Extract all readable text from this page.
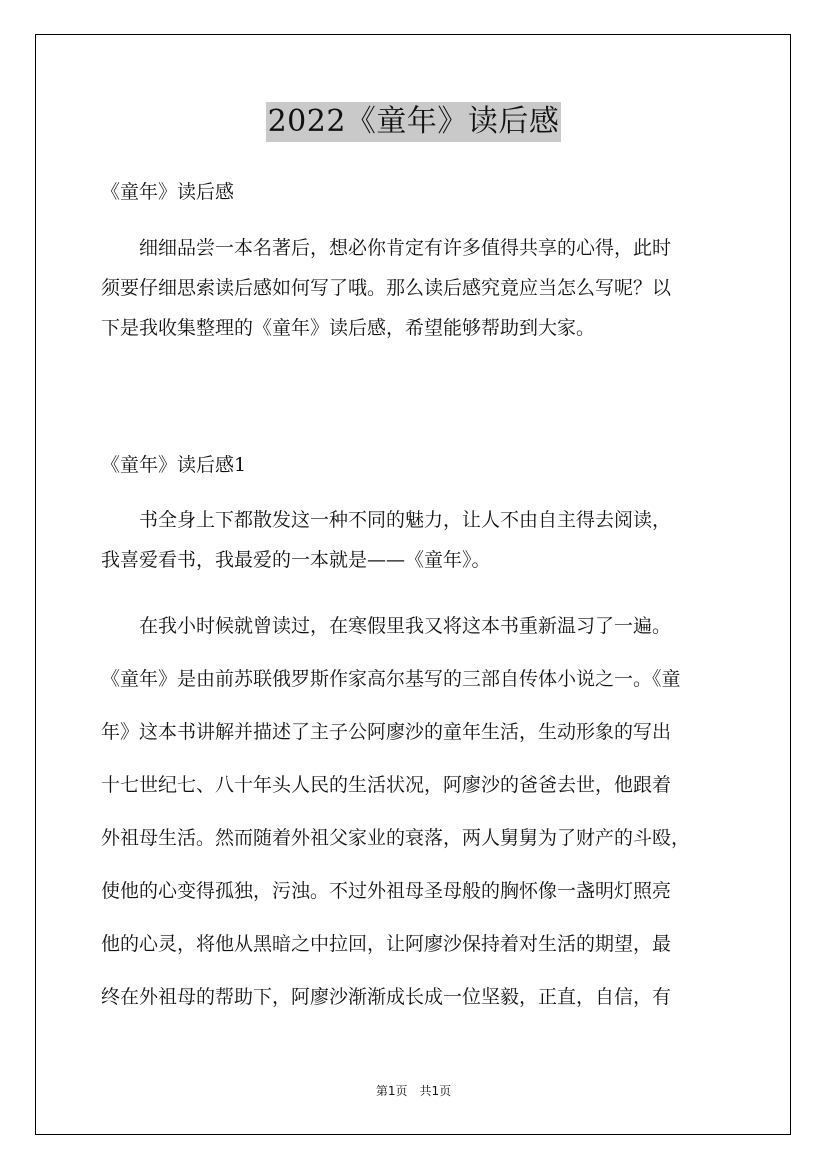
2022《童年》读后感
《童年》读后感
　　细细品尝一本名著后，想必你肯定有许多值得共享的心得，此时
须要仔细思索读后感如何写了哦。那么读后感究竟应当怎么写呢？以
下是我收集整理的《童年》读后感，希望能够帮助到大家。
《童年》读后感1
　　书全身上下都散发这一种不同的魅力，让人不由自主得去阅读，
我喜爱看书，我最爱的一本就是——《童年》。
　　在我小时候就曾读过，在寒假里我又将这本书重新温习了一遍。
《童年》是由前苏联俄罗斯作家高尔基写的三部自传体小说之一。《童
年》这本书讲解并描述了主子公阿廖沙的童年生活，生动形象的写出
十七世纪七、八十年头人民的生活状况，阿廖沙的爸爸去世，他跟着
外祖母生活。然而随着外祖父家业的衰落，两人舅舅为了财产的斗殴，
使他的心变得孤独，污浊。不过外祖母圣母般的胸怀像一盏明灯照亮
他的心灵，将他从黑暗之中拉回，让阿廖沙保持着对生活的期望，最
终在外祖母的帮助下，阿廖沙渐渐成长成一位坚毅，正直，自信，有
第1页　共1页
